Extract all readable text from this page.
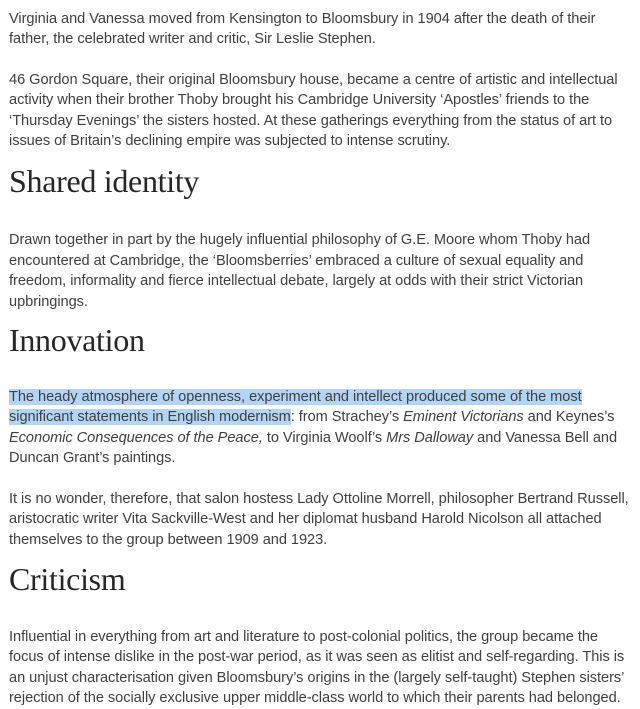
Virginia and Vanessa moved from Kensington to Bloomsbury in 1904 after the death of their father, the celebrated writer and critic, Sir Leslie Stephen.

46 Gordon Square, their original Bloomsbury house, became a centre of artistic and intellectual activity when their brother Thoby brought his Cambridge University ‘Apostles’ friends to the ‘Thursday Evenings’ the sisters hosted. At these gatherings everything from the status of art to issues of Britain’s declining empire was subjected to intense scrutiny.

Shared identity

Drawn together in part by the hugely influential philosophy of G.E. Moore whom Thoby had encountered at Cambridge, the ‘Bloomsberries’ embraced a culture of sexual equality and freedom, informality and fierce intellectual debate, largely at odds with their strict Victorian upbringings.

Innovation

The heady atmosphere of openness, experiment and intellect produced some of the most significant statements in English modernism: from Strachey’s Eminent Victorians and Keynes’s Economic Consequences of the Peace, to Virginia Woolf’s Mrs Dalloway and Vanessa Bell and Duncan Grant’s paintings.

It is no wonder, therefore, that salon hostess Lady Ottoline Morrell, philosopher Bertrand Russell, aristocratic writer Vita Sackville-West and her diplomat husband Harold Nicolson all attached themselves to the group between 1909 and 1923.

Criticism

Influential in everything from art and literature to post-colonial politics, the group became the focus of intense dislike in the post-war period, as it was seen as elitist and self-regarding. This is an unjust characterisation given Bloomsbury’s origins in the (largely self-taught) Stephen sisters’ rejection of the socially exclusive upper middle-class world to which their parents had belonged.
